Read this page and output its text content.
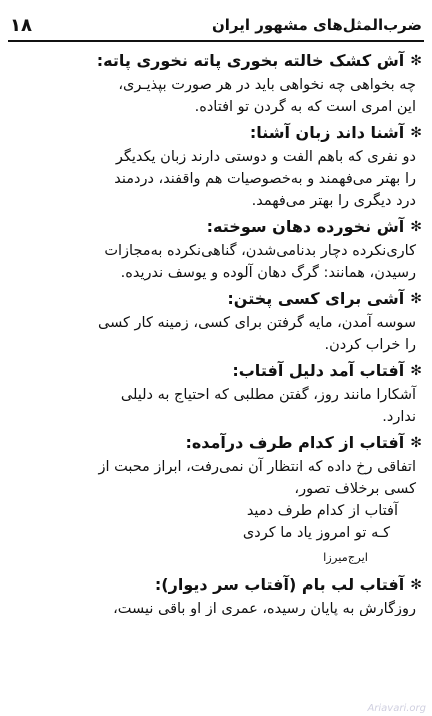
ضرب‌المثل‌های مشهور ایران
۱۸
✻
آش کشک خالته بخوری پاته نخوری پاته:
چه بخواهی چه نخواهی باید در هر صورت بپذیـری،
این امری است که به گردن تو افتاده.
✻
آشنا داند زبان آشنا:
دو نفری که باهم الفت و دوستی دارند زبان یکدیگر
را بهتر می‌فهمند و به‌خصوصیات هم واقفند، دردمند
درد دیگری را بهتر می‌فهمد.
✻
آش نخورده دهان سوخته:
کاری‌نکرده دچار بدنامی‌شدن، گناهی‌نکرده به‌مجازات
رسیدن، همانند: گرگ دهان آلوده و یوسف ندریده.
✻
آشی برای کسی پختن:
سوسه آمدن، مایه گرفتن برای کسی، زمینه کار کسی
را خراب کردن.
✻
آفتاب آمد دلیل آفتاب:
آشکارا مانند روز، گفتن مطلبی که احتیاج به دلیلی
ندارد.
✻
آفتاب از کدام طرف درآمده:
اتفاقی رخ داده که انتظار آن نمی‌رفت، ابراز محبت از
کسی برخلاف تصور،
آفتاب از کدام طرف دمید
کـه تو امروز یاد ما کردی
ایرج‌میرزا
✻
آفتاب لب بام (آفتاب سر دیوار):
روزگارش به پایان رسیده، عمری از او باقی نیست،
Ariavari.org
